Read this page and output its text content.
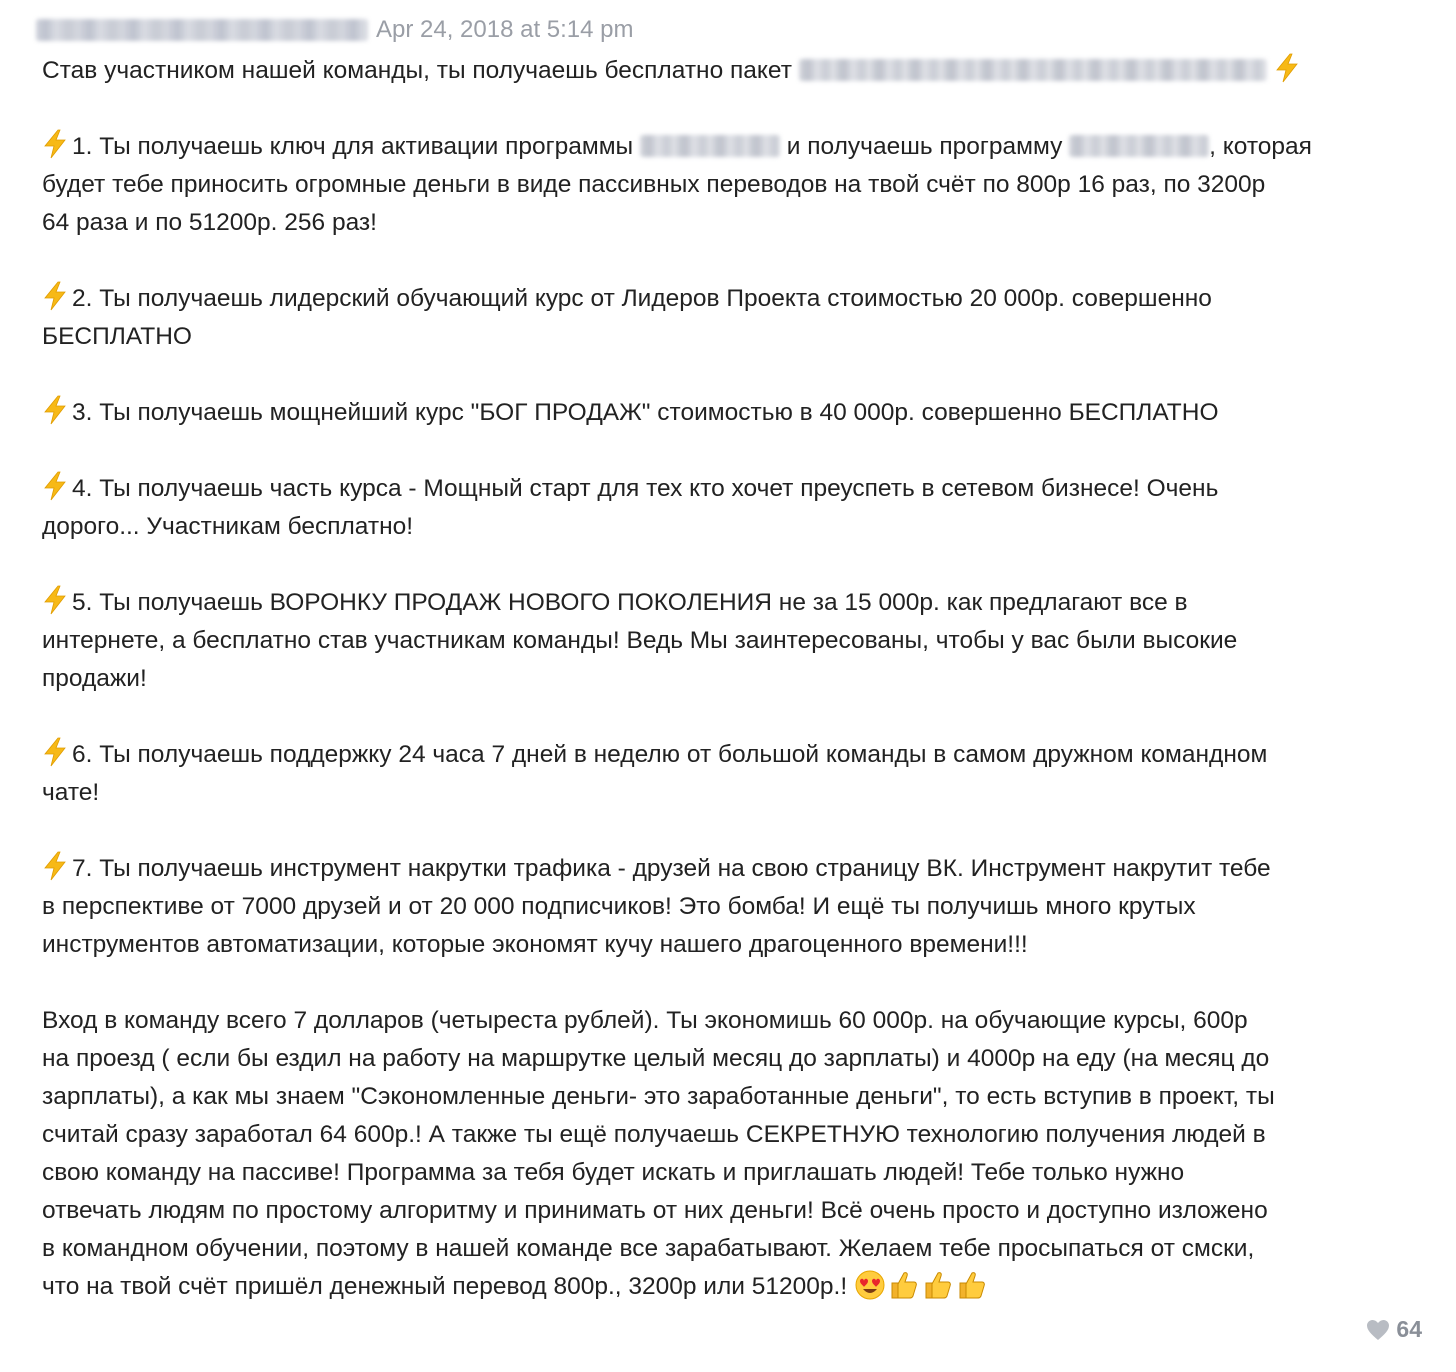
Apr 24, 2018 at 5:14 pm

Став участником нашей команды, ты получаешь бесплатно пакет

1. Ты получаешь ключ для активации программы	и получаешь программу	, которая
будет тебе приносить огромные деньги в виде пассивных переводов на твой счёт по 800р 16 раз, по 3200р
64 раза и по 51200р. 256 раз!

2. Ты получаешь лидерский обучающий курс от Лидеров Проекта стоимостью 20 000р. совершенно
БЕСПЛАТНО

3. Ты получаешь мощнейший курс "БОГ ПРОДАЖ" стоимостью в 40 000р. совершенно БЕСПЛАТНО

4. Ты получаешь часть курса - Мощный старт для тех кто хочет преуспеть в сетевом бизнесе! Очень
дорого... Участникам бесплатно!

5. Ты получаешь ВОРОНКУ ПРОДАЖ НОВОГО ПОКОЛЕНИЯ не за 15 000р. как предлагают все в
интернете, а бесплатно став участникам команды! Ведь Мы заинтересованы, чтобы у вас были высокие
продажи!

6. Ты получаешь поддержку 24 часа 7 дней в неделю от большой команды в самом дружном командном
чате!

7. Ты получаешь инструмент накрутки трафика - друзей на свою страницу ВК. Инструмент накрутит тебе
в перспективе от 7000 друзей и от 20 000 подписчиков! Это бомба! И ещё ты получишь много крутых
инструментов автоматизации, которые экономят кучу нашего драгоценного времени!!!

Вход в команду всего 7 долларов (четыреста рублей). Ты экономишь 60 000р. на обучающие курсы, 600р
на проезд ( если бы ездил на работу на маршрутке целый месяц до зарплаты) и 4000р на еду (на месяц до
зарплаты), а как мы знаем "Сэкономленные деньги- это заработанные деньги", то есть вступив в проект, ты
считай сразу заработал 64 600р.! А также ты ещё получаешь СЕКРЕТНУЮ технологию получения людей в
свою команду на пассиве! Программа за тебя будет искать и приглашать людей! Тебе только нужно
отвечать людям по простому алгоритму и принимать от них деньги! Всё очень просто и доступно изложено
в командном обучении, поэтому в нашей команде все зарабатывают. Желаем тебе просыпаться от смски,
что на твой счёт пришёл денежный перевод 800р., 3200р или 51200р.!

64
